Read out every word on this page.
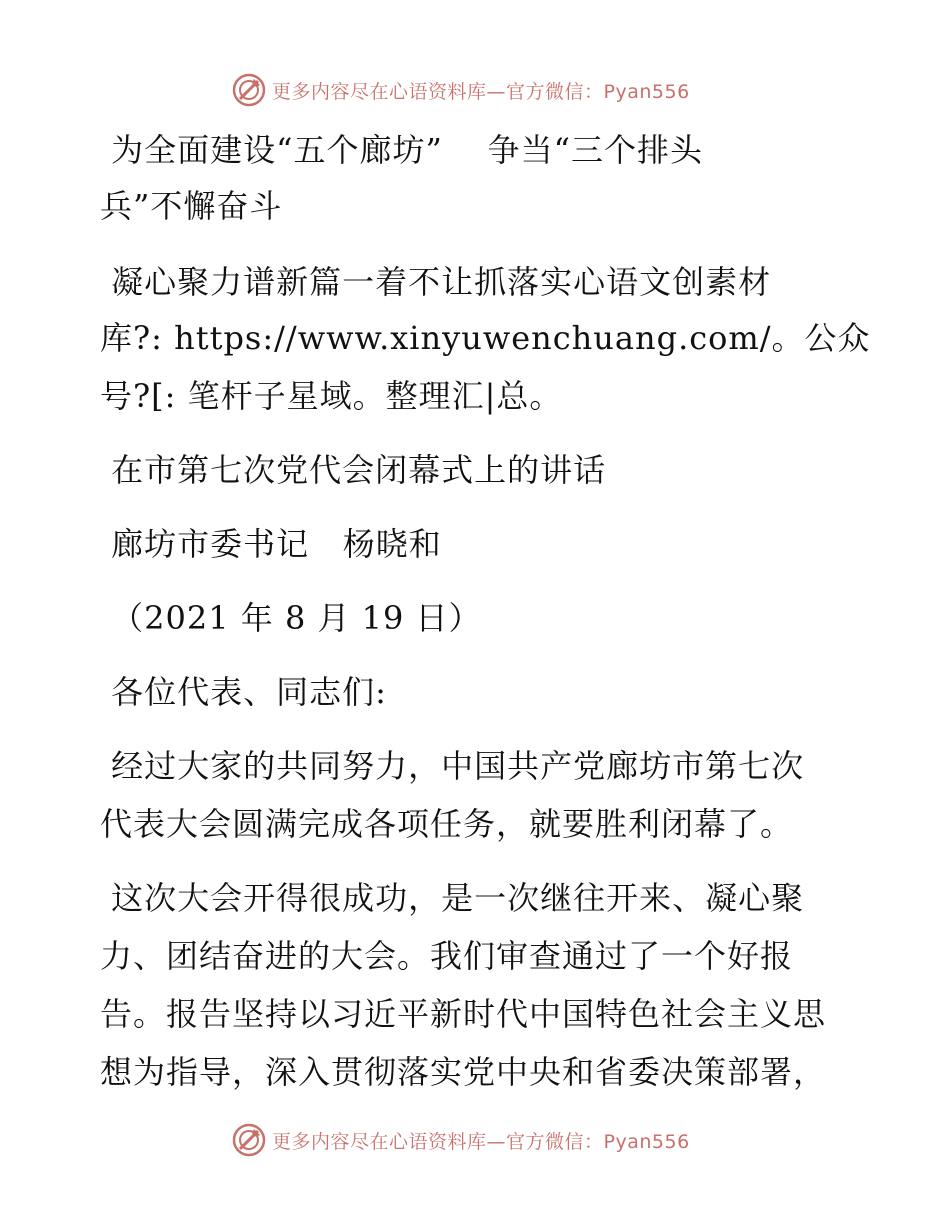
更多内容尽在心语资料库—官方微信：Pyan556
为全面建设“五个廊坊”    争当“三个排头
兵”不懈奋斗
凝心聚力谱新篇一着不让抓落实心语文创素材
库?: https://www.xinyuwenchuang.com/。公众
号?[: 笔杆子星域。整理汇|总。
在市第七次党代会闭幕式上的讲话
廊坊市委书记   杨晓和
（2021 年 8 月 19 日）
各位代表、同志们:
经过大家的共同努力，中国共产党廊坊市第七次
代表大会圆满完成各项任务，就要胜利闭幕了。
这次大会开得很成功，是一次继往开来、凝心聚
力、团结奋进的大会。我们审查通过了一个好报
告。报告坚持以习近平新时代中国特色社会主义思
想为指导，深入贯彻落实党中央和省委决策部署，
更多内容尽在心语资料库—官方微信：Pyan556
